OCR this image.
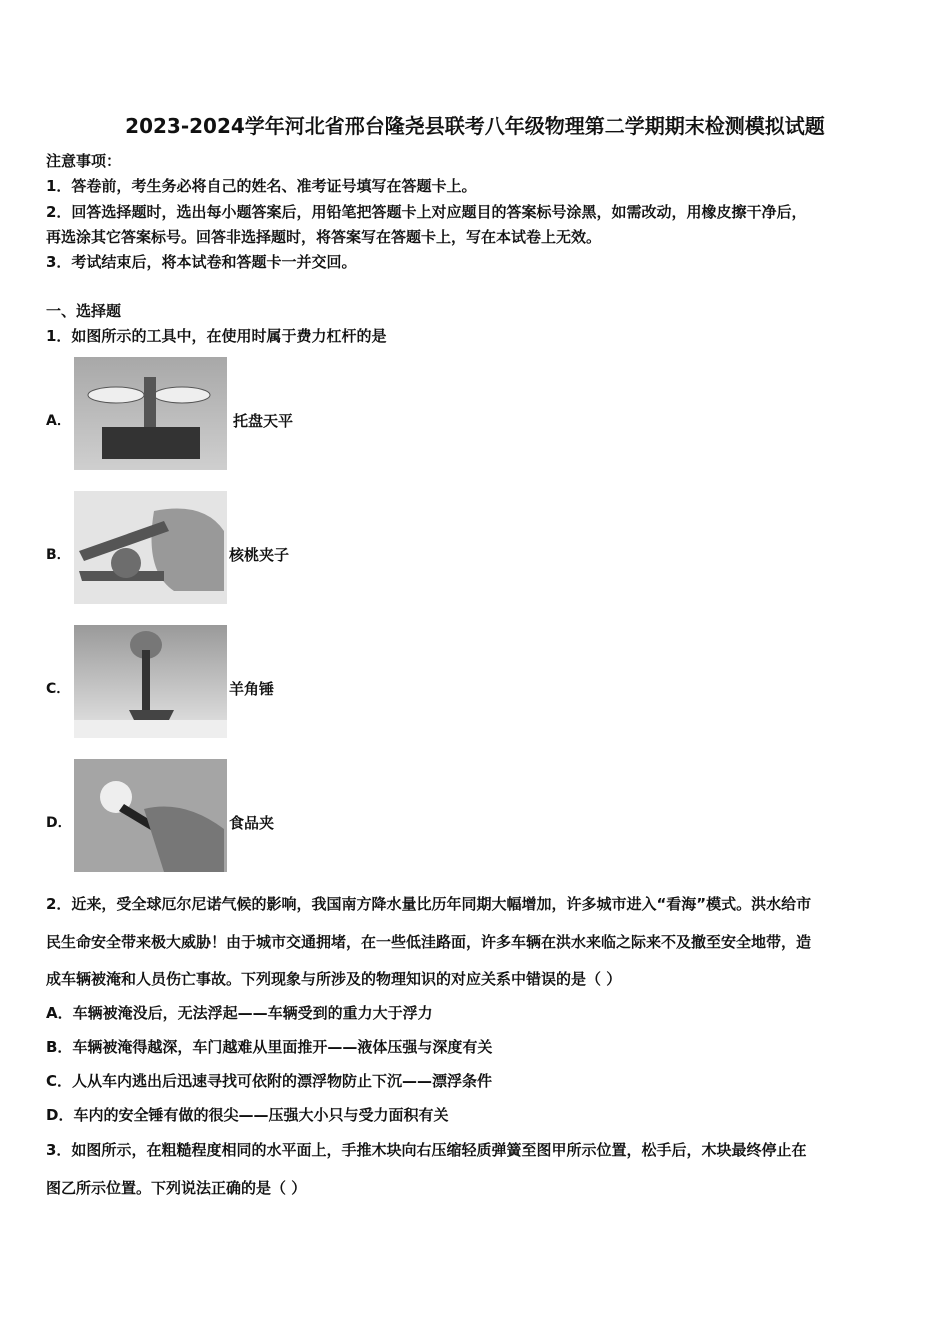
2023-2024学年河北省邢台隆尧县联考八年级物理第二学期期末检测模拟试题
注意事项：
1．答卷前，考生务必将自己的姓名、准考证号填写在答题卡上。
2．回答选择题时，选出每小题答案后，用铅笔把答题卡上对应题目的答案标号涂黑，如需改动，用橡皮擦干净后，
再选涂其它答案标号。回答非选择题时，将答案写在答题卡上，写在本试卷上无效。
3．考试结束后，将本试卷和答题卡一并交回。
一、选择题
1．如图所示的工具中，在使用时属于费力杠杆的是
A．	托盘天平
B．	核桃夹子
C．	羊角锤
D．	食品夹
2．近来，受全球厄尔尼诺气候的影响，我国南方降水量比历年同期大幅增加，许多城市进入“看海”模式。洪水给市
民生命安全带来极大威胁！由于城市交通拥堵，在一些低洼路面，许多车辆在洪水来临之际来不及撤至安全地带，造
成车辆被淹和人员伤亡事故。下列现象与所涉及的物理知识的对应关系中错误的是（ ）
A．车辆被淹没后，无法浮起——车辆受到的重力大于浮力
B．车辆被淹得越深，车门越难从里面推开——液体压强与深度有关
C．人从车内逃出后迅速寻找可依附的漂浮物防止下沉——漂浮条件
D．车内的安全锤有做的很尖——压强大小只与受力面积有关
3．如图所示，在粗糙程度相同的水平面上，手推木块向右压缩轻质弹簧至图甲所示位置，松手后，木块最终停止在
图乙所示位置。下列说法正确的是（ ）
